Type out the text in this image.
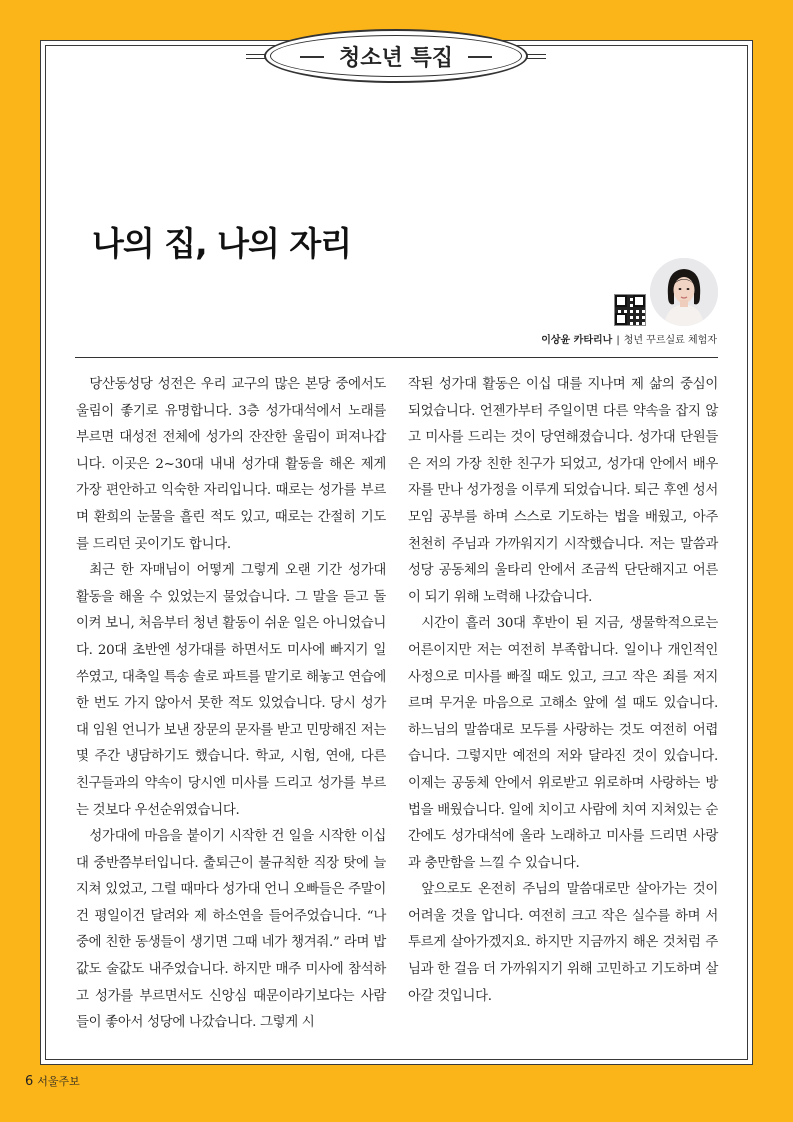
청소년 특집
나의 집, 나의 자리
이상윤 카타리나 | 청년 꾸르실료 체험자

당산동성당 성전은 우리 교구의 많은 본당 중에서도 울림이 좋기로 유명합니다. 3층 성가대석에서 노래를 부르면 대성전 전체에 성가의 잔잔한 울림이 퍼져나갑니다. 이곳은 2~30대 내내 성가대 활동을 해온 제게 가장 편안하고 익숙한 자리입니다. 때로는 성가를 부르며 환희의 눈물을 흘린 적도 있고, 때로는 간절히 기도를 드리던 곳이기도 합니다.

최근 한 자매님이 어떻게 그렇게 오랜 기간 성가대 활동을 해올 수 있었는지 물었습니다. 그 말을 듣고 돌이켜 보니, 처음부터 청년 활동이 쉬운 일은 아니었습니다. 20대 초반엔 성가대를 하면서도 미사에 빠지기 일쑤였고, 대축일 특송 솔로 파트를 맡기로 해놓고 연습에 한 번도 가지 않아서 못한 적도 있었습니다. 당시 성가대 임원 언니가 보낸 장문의 문자를 받고 민망해진 저는 몇 주간 냉담하기도 했습니다. 학교, 시험, 연애, 다른 친구들과의 약속이 당시엔 미사를 드리고 성가를 부르는 것보다 우선순위였습니다.

성가대에 마음을 붙이기 시작한 건 일을 시작한 이십 대 중반쯤부터입니다. 출퇴근이 불규칙한 직장 탓에 늘 지쳐 있었고, 그럴 때마다 성가대 언니 오빠들은 주말이건 평일이건 달려와 제 하소연을 들어주었습니다. “나중에 친한 동생들이 생기면 그때 네가 챙겨줘.” 라며 밥값도 술값도 내주었습니다. 하지만 매주 미사에 참석하고 성가를 부르면서도 신앙심 때문이라기보다는 사람들이 좋아서 성당에 나갔습니다. 그렇게 시

작된 성가대 활동은 이십 대를 지나며 제 삶의 중심이 되었습니다. 언젠가부터 주일이면 다른 약속을 잡지 않고 미사를 드리는 것이 당연해졌습니다. 성가대 단원들은 저의 가장 친한 친구가 되었고, 성가대 안에서 배우자를 만나 성가정을 이루게 되었습니다. 퇴근 후엔 성서모임 공부를 하며 스스로 기도하는 법을 배웠고, 아주 천천히 주님과 가까워지기 시작했습니다. 저는 말씀과 성당 공동체의 울타리 안에서 조금씩 단단해지고 어른이 되기 위해 노력해 나갔습니다.

시간이 흘러 30대 후반이 된 지금, 생물학적으로는 어른이지만 저는 여전히 부족합니다. 일이나 개인적인 사정으로 미사를 빠질 때도 있고, 크고 작은 죄를 저지르며 무거운 마음으로 고해소 앞에 설 때도 있습니다. 하느님의 말씀대로 모두를 사랑하는 것도 여전히 어렵습니다. 그렇지만 예전의 저와 달라진 것이 있습니다. 이제는 공동체 안에서 위로받고 위로하며 사랑하는 방법을 배웠습니다. 일에 치이고 사람에 치여 지쳐있는 순간에도 성가대석에 올라 노래하고 미사를 드리면 사랑과 충만함을 느낄 수 있습니다.

앞으로도 온전히 주님의 말씀대로만 살아가는 것이 어려울 것을 압니다. 여전히 크고 작은 실수를 하며 서투르게 살아가겠지요. 하지만 지금까지 해온 것처럼 주님과 한 걸음 더 가까워지기 위해 고민하고 기도하며 살아갈 것입니다.

6 서울주보
